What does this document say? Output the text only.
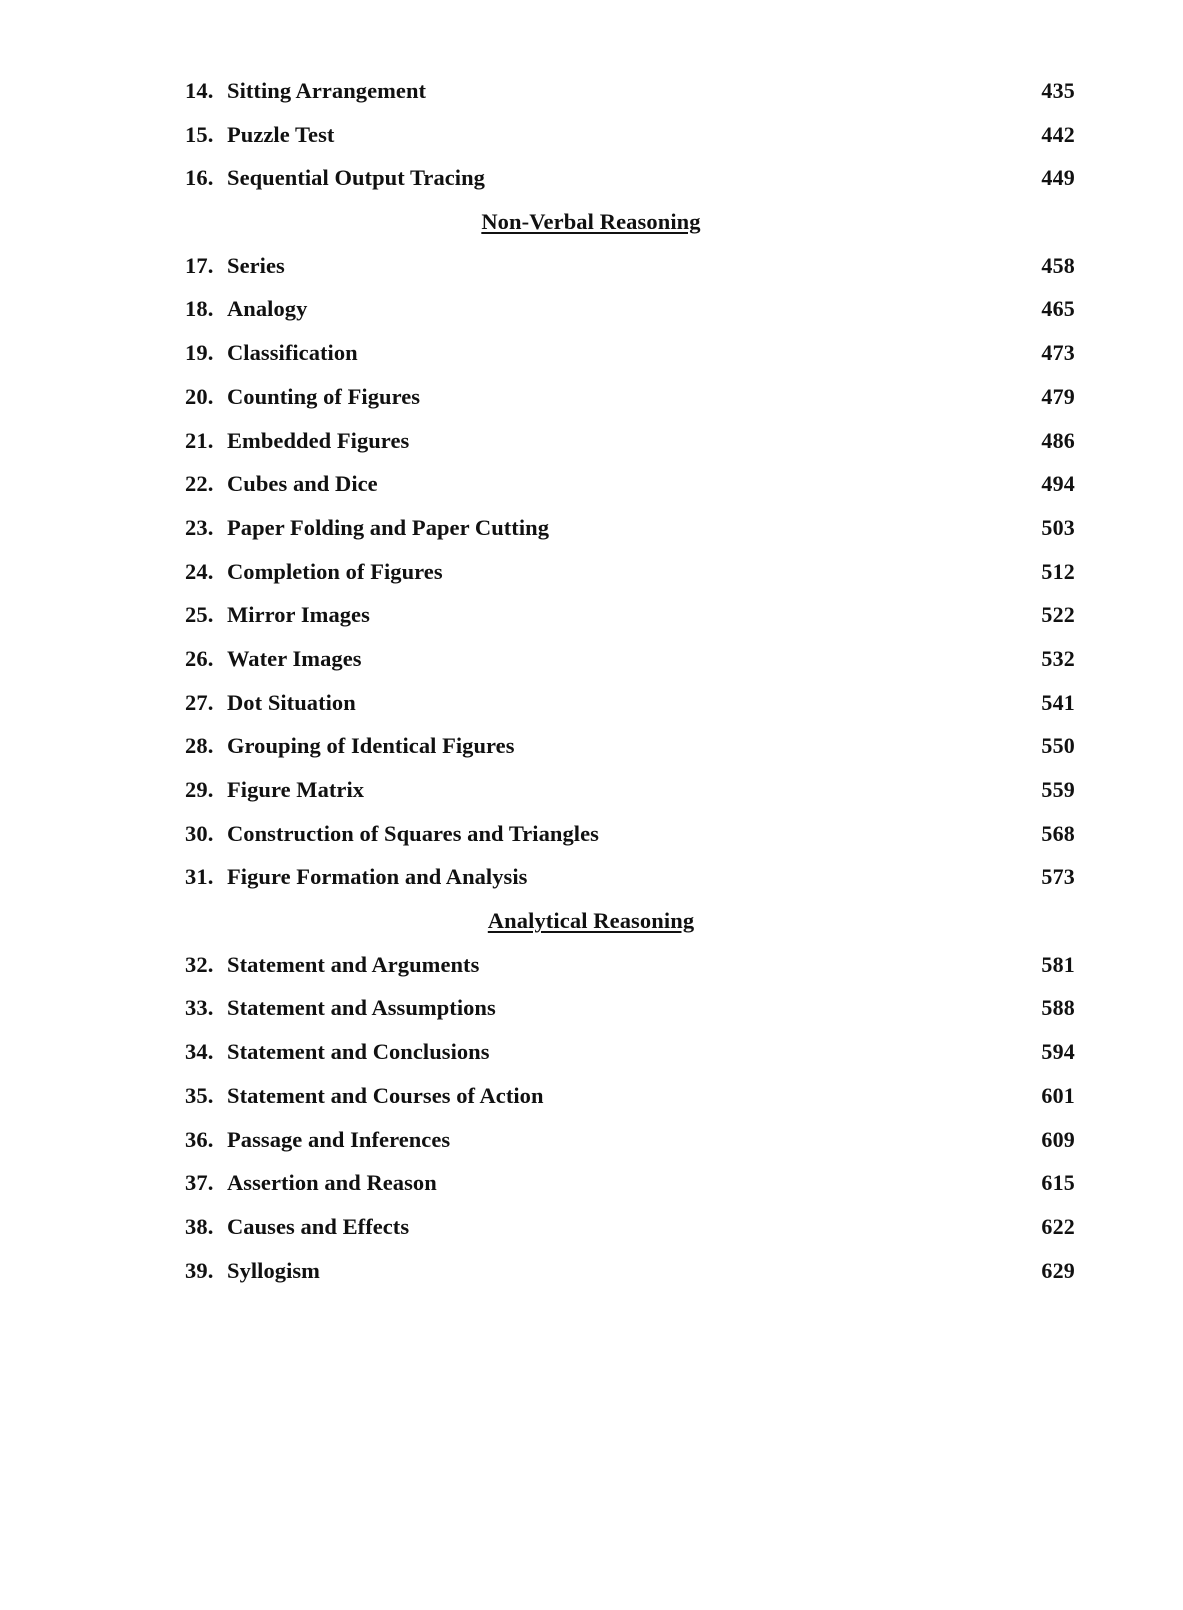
14. Sitting Arrangement	435
15. Puzzle Test	442
16. Sequential Output Tracing	449
Non-Verbal Reasoning
17. Series	458
18. Analogy	465
19. Classification	473
20. Counting of Figures	479
21. Embedded Figures	486
22. Cubes and Dice	494
23. Paper Folding and Paper Cutting	503
24. Completion of Figures	512
25. Mirror Images	522
26. Water Images	532
27. Dot Situation	541
28. Grouping of Identical Figures	550
29. Figure Matrix	559
30. Construction of Squares and Triangles	568
31. Figure Formation and Analysis	573
Analytical Reasoning
32. Statement and Arguments	581
33. Statement and Assumptions	588
34. Statement and Conclusions	594
35. Statement and Courses of Action	601
36. Passage and Inferences	609
37. Assertion and Reason	615
38. Causes and Effects	622
39. Syllogism	629
